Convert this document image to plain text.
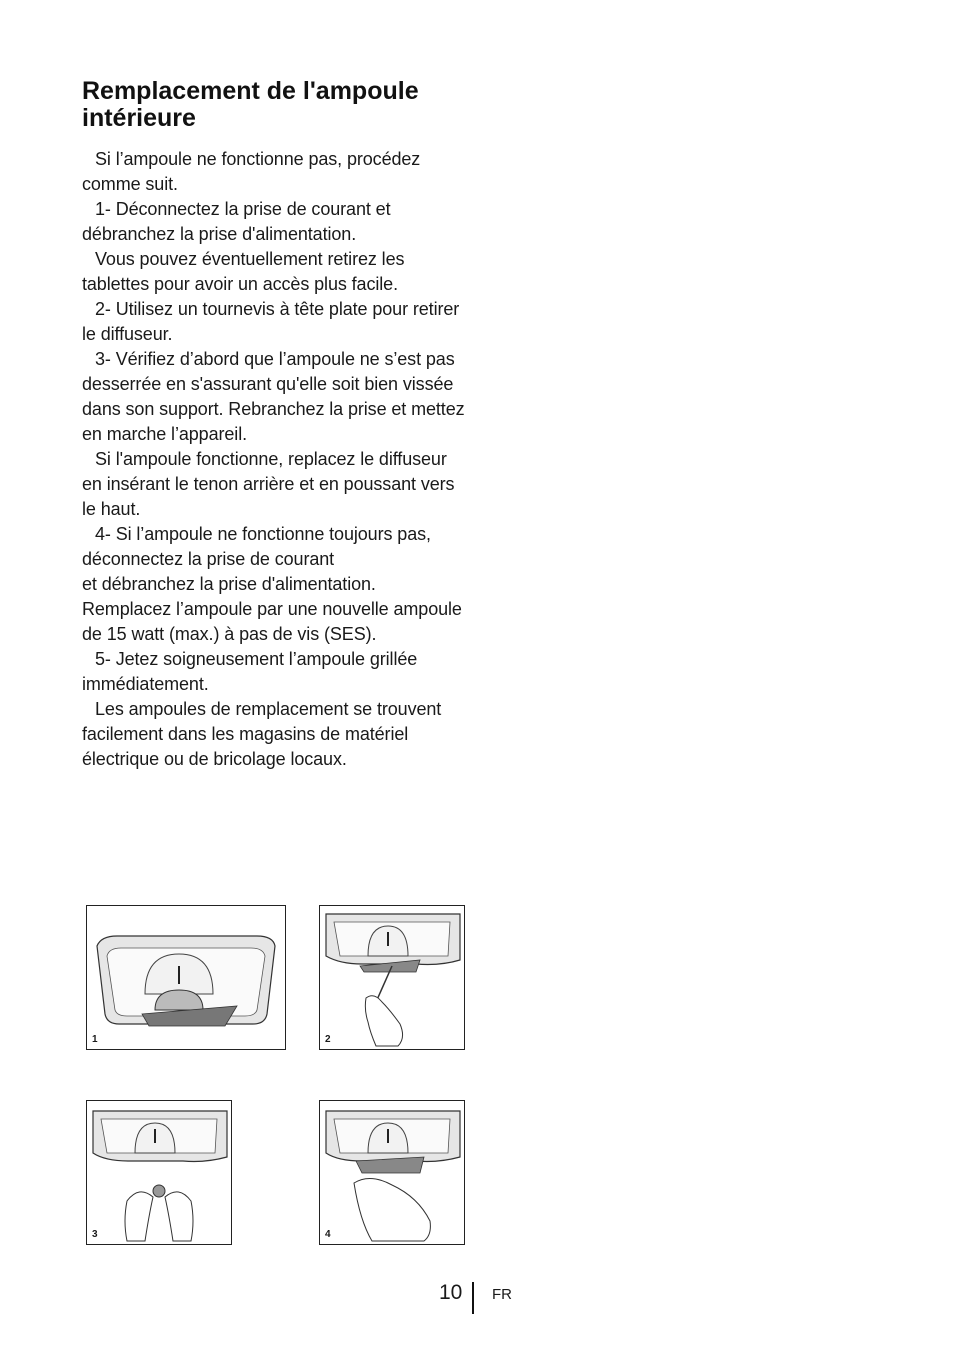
Remplacement de l'ampoule intérieure

Si l’ampoule ne fonctionne pas, procédez comme suit.

1- Déconnectez la prise de courant et débranchez la prise d'alimentation.

Vous pouvez éventuellement retirez les tablettes pour avoir un accès plus facile.

2- Utilisez un tournevis à tête plate pour retirer le diffuseur.

3- Vérifiez d’abord que l’ampoule ne s’est pas desserrée en s'assurant qu'elle soit bien vissée dans son support. Rebranchez la prise et mettez en marche l’appareil.

Si l'ampoule fonctionne, replacez le diffuseur en insérant le tenon arrière et en poussant vers le haut.

4- Si l’ampoule ne fonctionne toujours pas, déconnectez la prise de courant

et débranchez la prise d'alimentation. Remplacez l’ampoule par une nouvelle ampoule de 15 watt (max.) à pas de vis (SES).

5- Jetez soigneusement l’ampoule grillée immédiatement.

Les ampoules de remplacement se trouvent facilement dans les magasins de matériel électrique ou de bricolage locaux.

1	2
3	4
10 FR
